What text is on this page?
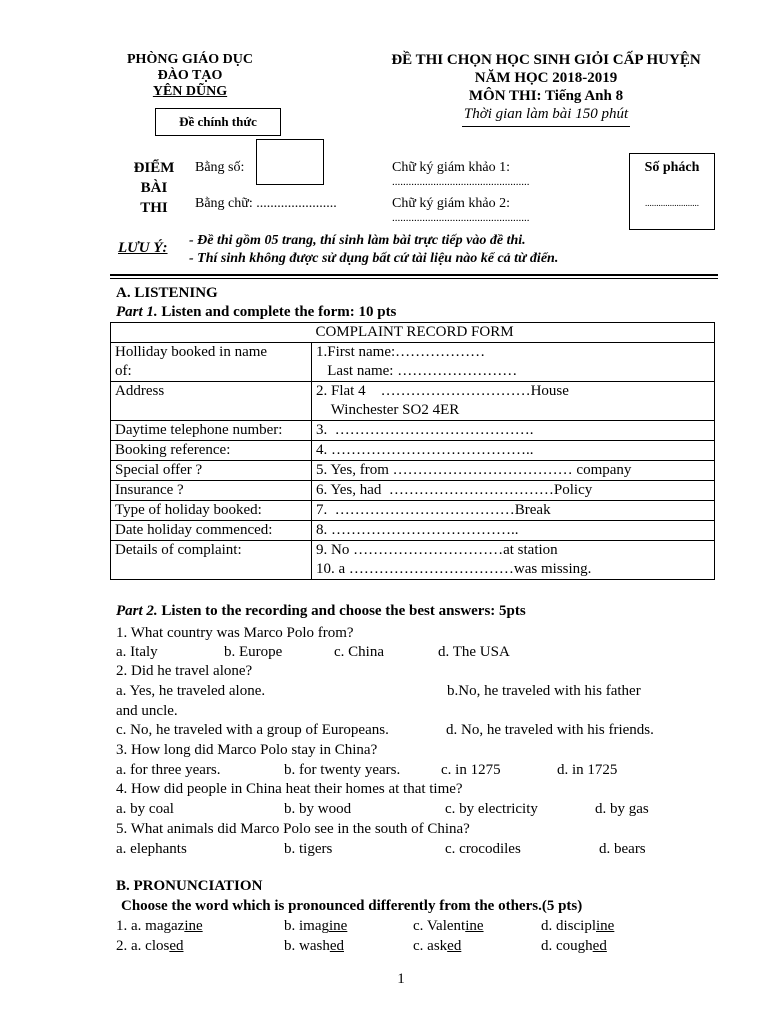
PHÒNG GIÁO DỤC ĐÀO TẠO
YÊN DŨNG
Đề chính thức
ĐỀ THI CHỌN HỌC SINH GIỎI CẤP HUYỆN
NĂM HỌC 2018-2019
MÔN THI: Tiếng Anh 8
Thời gian làm bài 150 phút
ĐIỂM
BÀI
THI
Bằng số:
Bằng chữ: .......................
Chữ ký giám khảo 1:
..................................................
Chữ ký giám khảo 2:
..................................................
Số phách
........................
LƯU Ý: - Đề thi gồm 05 trang, thí sinh làm bài trực tiếp vào đề thi.
- Thí sinh không được sử dụng bất cứ tài liệu nào kể cả từ điển.
A. LISTENING
Part 1. Listen and complete the form: 10 pts
COMPLAINT RECORD FORM	
Holliday booked in name	1.First name:………………
of:	Last name: ……………………
Address	2. Flat 4    …………………………House
	Winchester SO2 4ER
Daytime telephone number:	3.  ………………………………….
Booking reference:	4. …………………………………..
Special offer ?	5. Yes, from ……………………………… company
Insurance ?	6. Yes, had  ……………………………Policy
Type of holiday booked:	7.  ………………………………Break
Date holiday commenced:	8. ………………………………..
Details of complaint:	9. No …………………………at station
	10. a ……………………………was missing.
Part 2. Listen to the recording and choose the best answers: 5pts
1. What country was Marco Polo from?
a. Italy	b. Europe	c. China	d. The USA
2. Did he travel alone?
a. Yes, he traveled alone.	b.No, he traveled with his father
and uncle.
c. No, he traveled with a group of Europeans.	d. No, he traveled with his friends.
3. How long did Marco Polo stay in China?
a. for three years.	b. for twenty years.	c. in 1275	d. in 1725
4. How did people in China heat their homes at that time?
a. by coal	b. by wood	c. by electricity	d. by gas
5. What animals did Marco Polo see in the south of China?
a. elephants	b. tigers	c. crocodiles	d. bears
B. PRONUNCIATION
Choose the word which is pronounced differently from the others.(5 pts)
1. a. magazine	b. imagine	c. Valentine	d. discipline
2. a. closed	b. washed	c. asked	d. coughed
1
